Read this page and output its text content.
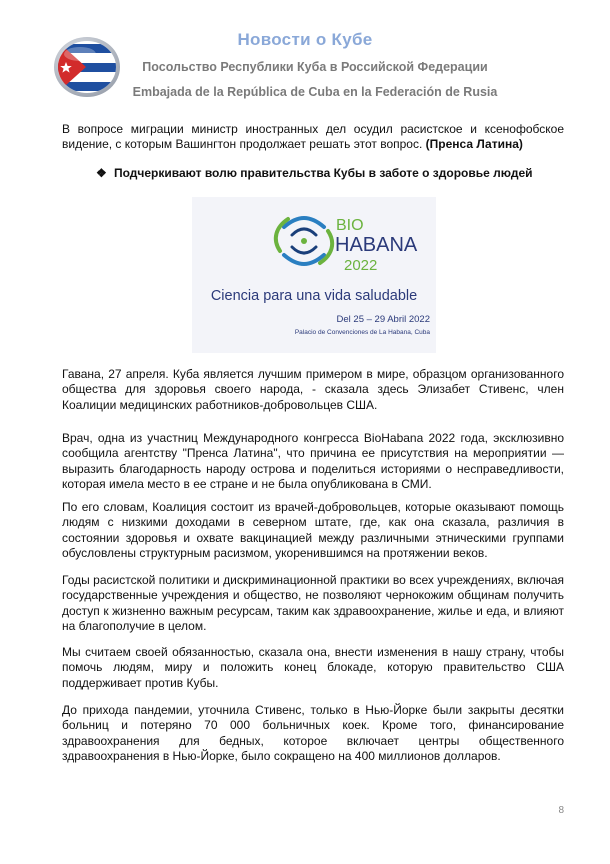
Новости о Кубе
Посольство Республики Куба в Российской Федерации
Embajada de la República de Cuba en la Federación de Rusia

В вопросе миграции министр иностранных дел осудил расистское и ксенофобское видение, с которым Вашингтон продолжает решать этот вопрос. (Пренса Латина)

❖ Подчеркивают волю правительства Кубы в заботе о здоровье людей
BIO
HABANA
2022
Ciencia para una vida saludable
Del 25 – 29 Abril 2022
Palacio de Convenciones de La Habana, Cuba

Гавана, 27 апреля. Куба является лучшим примером в мире, образцом организованного общества для здоровья своего народа, - сказала здесь Элизабет Стивенс, член Коалиции медицинских работников-добровольцев США.

Врач, одна из участниц Международного конгресса BioHabana 2022 года, эксклюзивно сообщила агентству "Пренса Латина", что причина ее присутствия на мероприятии — выразить благодарность народу острова и поделиться историями о несправедливости, которая имела место в ее стране и не была опубликована в СМИ.

По его словам, Коалиция состоит из врачей-добровольцев, которые оказывают помощь людям с низкими доходами в северном штате, где, как она сказала, различия в состоянии здоровья и охвате вакцинацией между различными этническими группами обусловлены структурным расизмом, укоренившимся на протяжении веков.

Годы расистской политики и дискриминационной практики во всех учреждениях, включая государственные учреждения и общество, не позволяют чернокожим общинам получить доступ к жизненно важным ресурсам, таким как здравоохранение, жилье и еда, и влияют на благополучие в целом.

Мы считаем своей обязанностью, сказала она, внести изменения в нашу страну, чтобы помочь людям, миру и положить конец блокаде, которую правительство США поддерживает против Кубы.

До прихода пандемии, уточнила Стивенс, только в Нью-Йорке были закрыты десятки больниц и потеряно 70 000 больничных коек. Кроме того, финансирование здравоохранения для бедных, которое включает центры общественного здравоохранения в Нью-Йорке, было сокращено на 400 миллионов долларов.

8
